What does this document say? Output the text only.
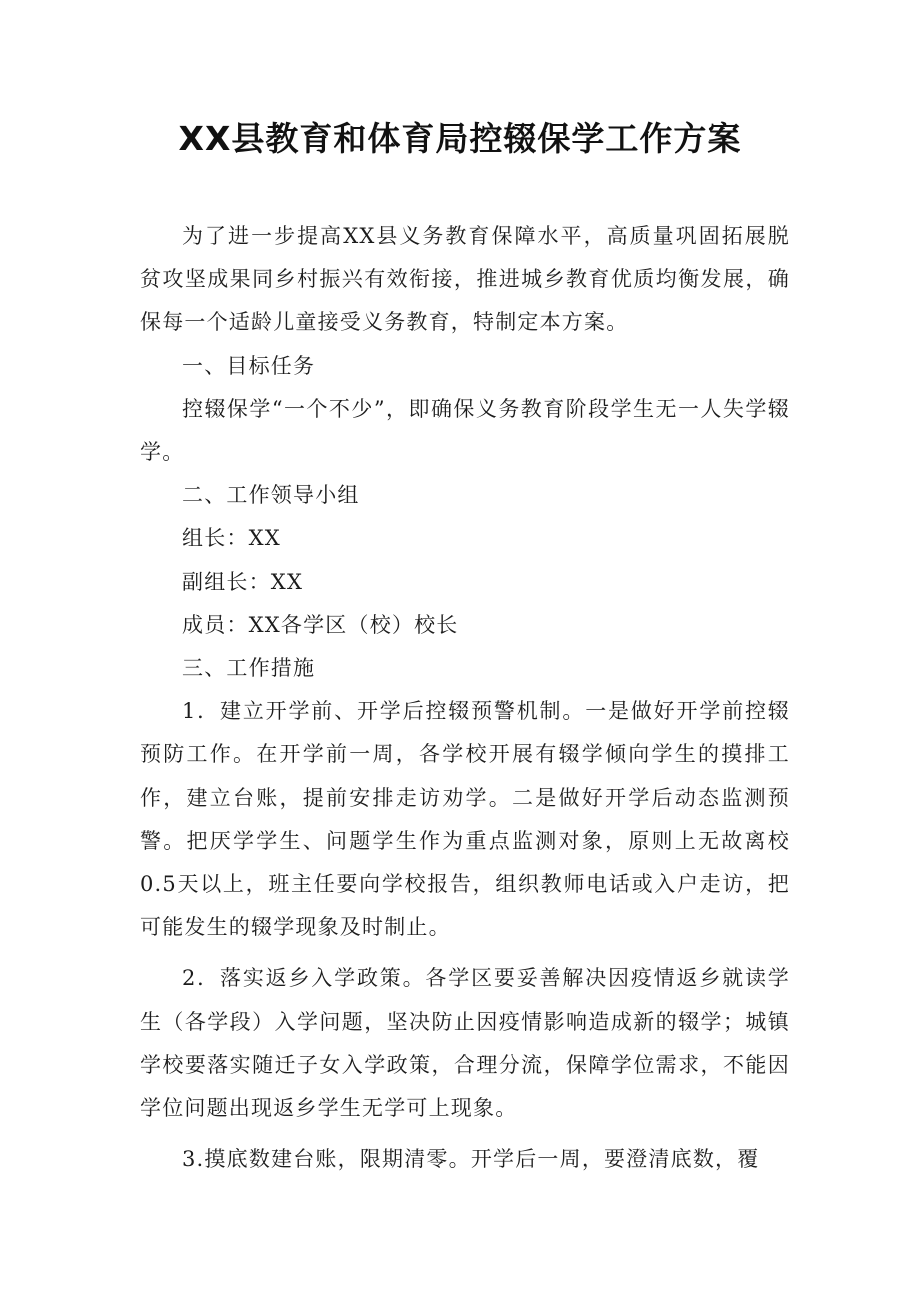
XX县教育和体育局控辍保学工作方案

为了进一步提高XX县义务教育保障水平，高质量巩固拓展脱贫攻坚成果同乡村振兴有效衔接，推进城乡教育优质均衡发展，确保每一个适龄儿童接受义务教育，特制定本方案。

一、目标任务

控辍保学“一个不少”，即确保义务教育阶段学生无一人失学辍学。

二、工作领导小组

组长：XX

副组长：XX

成员：XX各学区（校）校长

三、工作措施

1．建立开学前、开学后控辍预警机制。一是做好开学前控辍预防工作。在开学前一周，各学校开展有辍学倾向学生的摸排工作，建立台账，提前安排走访劝学。二是做好开学后动态监测预警。把厌学学生、问题学生作为重点监测对象，原则上无故离校0.5天以上，班主任要向学校报告，组织教师电话或入户走访，把可能发生的辍学现象及时制止。

2．落实返乡入学政策。各学区要妥善解决因疫情返乡就读学生（各学段）入学问题，坚决防止因疫情影响造成新的辍学；城镇学校要落实随迁子女入学政策，合理分流，保障学位需求，不能因学位问题出现返乡学生无学可上现象。

3.摸底数建台账，限期清零。开学后一周，要澄清底数，覆
